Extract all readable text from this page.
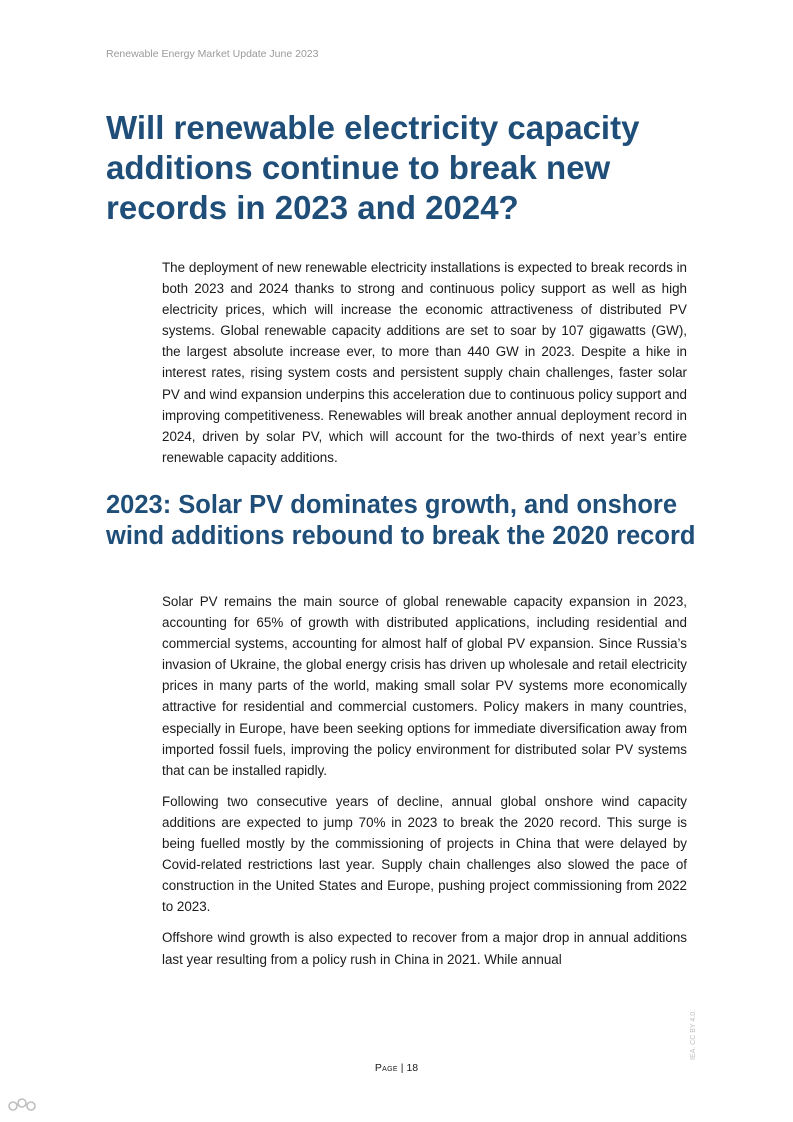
Renewable Energy Market Update June 2023
Will renewable electricity capacity additions continue to break new records in 2023 and 2024?

The deployment of new renewable electricity installations is expected to break records in both 2023 and 2024 thanks to strong and continuous policy support as well as high electricity prices, which will increase the economic attractiveness of distributed PV systems. Global renewable capacity additions are set to soar by 107 gigawatts (GW), the largest absolute increase ever, to more than 440 GW in 2023. Despite a hike in interest rates, rising system costs and persistent supply chain challenges, faster solar PV and wind expansion underpins this acceleration due to continuous policy support and improving competitiveness. Renewables will break another annual deployment record in 2024, driven by solar PV, which will account for the two-thirds of next year’s entire renewable capacity additions.

2023: Solar PV dominates growth, and onshore wind additions rebound to break the 2020 record

Solar PV remains the main source of global renewable capacity expansion in 2023, accounting for 65% of growth with distributed applications, including residential and commercial systems, accounting for almost half of global PV expansion. Since Russia’s invasion of Ukraine, the global energy crisis has driven up wholesale and retail electricity prices in many parts of the world, making small solar PV systems more economically attractive for residential and commercial customers. Policy makers in many countries, especially in Europe, have been seeking options for immediate diversification away from imported fossil fuels, improving the policy environment for distributed solar PV systems that can be installed rapidly.

Following two consecutive years of decline, annual global onshore wind capacity additions are expected to jump 70% in 2023 to break the 2020 record. This surge is being fuelled mostly by the commissioning of projects in China that were delayed by Covid-related restrictions last year. Supply chain challenges also slowed the pace of construction in the United States and Europe, pushing project commissioning from 2022 to 2023.

Offshore wind growth is also expected to recover from a major drop in annual additions last year resulting from a policy rush in China in 2021. While annual

Page | 18
IEA. CC BY 4.0.
